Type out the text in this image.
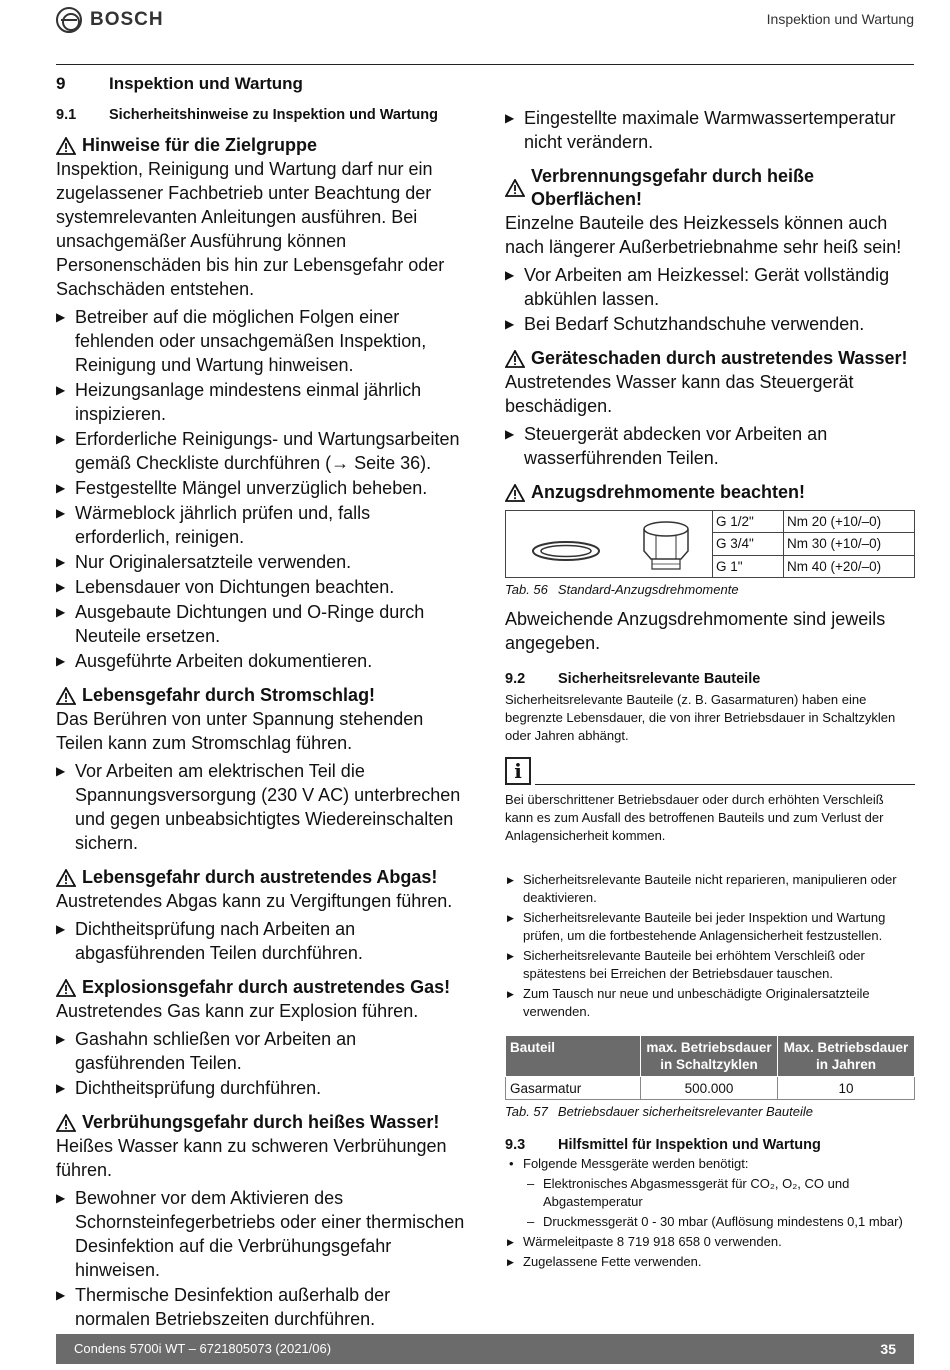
BOSCH	Inspektion und Wartung
9	Inspektion und Wartung
9.1	Sicherheitshinweise zu Inspektion und Wartung
Hinweise für die Zielgruppe

Inspektion, Reinigung und Wartung darf nur ein zugelassener Fachbetrieb unter Beachtung der systemrelevanten Anleitungen ausführen. Bei unsachgemäßer Ausführung können Personenschäden bis hin zur Lebensgefahr oder Sachschäden entstehen.

▶ Betreiber auf die möglichen Folgen einer fehlenden oder unsachgemäßen Inspektion, Reinigung und Wartung hinweisen.
▶ Heizungsanlage mindestens einmal jährlich inspizieren.
▶ Erforderliche Reinigungs- und Wartungsarbeiten gemäß Checkliste durchführen (→ Seite 36).
▶ Festgestellte Mängel unverzüglich beheben.
▶ Wärmeblock jährlich prüfen und, falls erforderlich, reinigen.
▶ Nur Originalersatzteile verwenden.
▶ Lebensdauer von Dichtungen beachten.
▶ Ausgebaute Dichtungen und O-Ringe durch Neuteile ersetzen.
▶ Ausgeführte Arbeiten dokumentieren.
Lebensgefahr durch Stromschlag!

Das Berühren von unter Spannung stehenden Teilen kann zum Stromschlag führen.

▶ Vor Arbeiten am elektrischen Teil die Spannungsversorgung (230 V AC) unterbrechen und gegen unbeabsichtigtes Wiedereinschalten sichern.
Lebensgefahr durch austretendes Abgas!

Austretendes Abgas kann zu Vergiftungen führen.

▶ Dichtheitsprüfung nach Arbeiten an abgasführenden Teilen durchführen.
Explosionsgefahr durch austretendes Gas!

Austretendes Gas kann zur Explosion führen.

▶ Gashahn schließen vor Arbeiten an gasführenden Teilen.
▶ Dichtheitsprüfung durchführen.
Verbrühungsgefahr durch heißes Wasser!

Heißes Wasser kann zu schweren Verbrühungen führen.

▶ Bewohner vor dem Aktivieren des Schornsteinfegerbetriebs oder einer thermischen Desinfektion auf die Verbrühungsgefahr hinweisen.
▶ Thermische Desinfektion außerhalb der normalen Betriebszeiten durchführen.
▶ Eingestellte maximale Warmwassertemperatur nicht verändern.
Verbrennungsgefahr durch heiße Oberflächen!

Einzelne Bauteile des Heizkessels können auch nach längerer Außerbetriebnahme sehr heiß sein!

▶ Vor Arbeiten am Heizkessel: Gerät vollständig abkühlen lassen.
▶ Bei Bedarf Schutzhandschuhe verwenden.
Geräteschaden durch austretendes Wasser!

Austretendes Wasser kann das Steuergerät beschädigen.

▶ Steuergerät abdecken vor Arbeiten an wasserführenden Teilen.
Anzugsdrehmomente beachten!
	G 1/2"	Nm 20 (+10/–0)
	G 3/4"	Nm 30 (+10/–0)
	G 1"	Nm 40 (+20/–0)
Tab. 56 Standard-Anzugsdrehmomente

Abweichende Anzugsdrehmomente sind jeweils angegeben.

9.2	Sicherheitsrelevante Bauteile

Sicherheitsrelevante Bauteile (z. B. Gasarmaturen) haben eine begrenzte Lebensdauer, die von ihrer Betriebsdauer in Schaltzyklen oder Jahren abhängt.

i

Bei überschrittener Betriebsdauer oder durch erhöhten Verschleiß kann es zum Ausfall des betroffenen Bauteils und zum Verlust der Anlagensicherheit kommen.

▶ Sicherheitsrelevante Bauteile nicht reparieren, manipulieren oder deaktivieren.
▶ Sicherheitsrelevante Bauteile bei jeder Inspektion und Wartung prüfen, um die fortbestehende Anlagensicherheit festzustellen.
▶ Sicherheitsrelevante Bauteile bei erhöhtem Verschleiß oder spätestens bei Erreichen der Betriebsdauer tauschen.
▶ Zum Tausch nur neue und unbeschädigte Originalersatzteile verwenden.
Bauteil	max. Betriebsdauer in Schaltzyklen	Max. Betriebsdauer in Jahren
Gasarmatur	500.000	10
Tab. 57 Betriebsdauer sicherheitsrelevanter Bauteile
9.3	Hilfsmittel für Inspektion und Wartung
• Folgende Messgeräte werden benötigt:
– Elektronisches Abgasmessgerät für CO₂, O₂, CO und Abgastemperatur
– Druckmessgerät 0 - 30 mbar (Auflösung mindestens 0,1 mbar)
▶ Wärmeleitpaste 8 719 918 658 0 verwenden.
▶ Zugelassene Fette verwenden.
Condens 5700i WT – 6721805073 (2021/06)	35
